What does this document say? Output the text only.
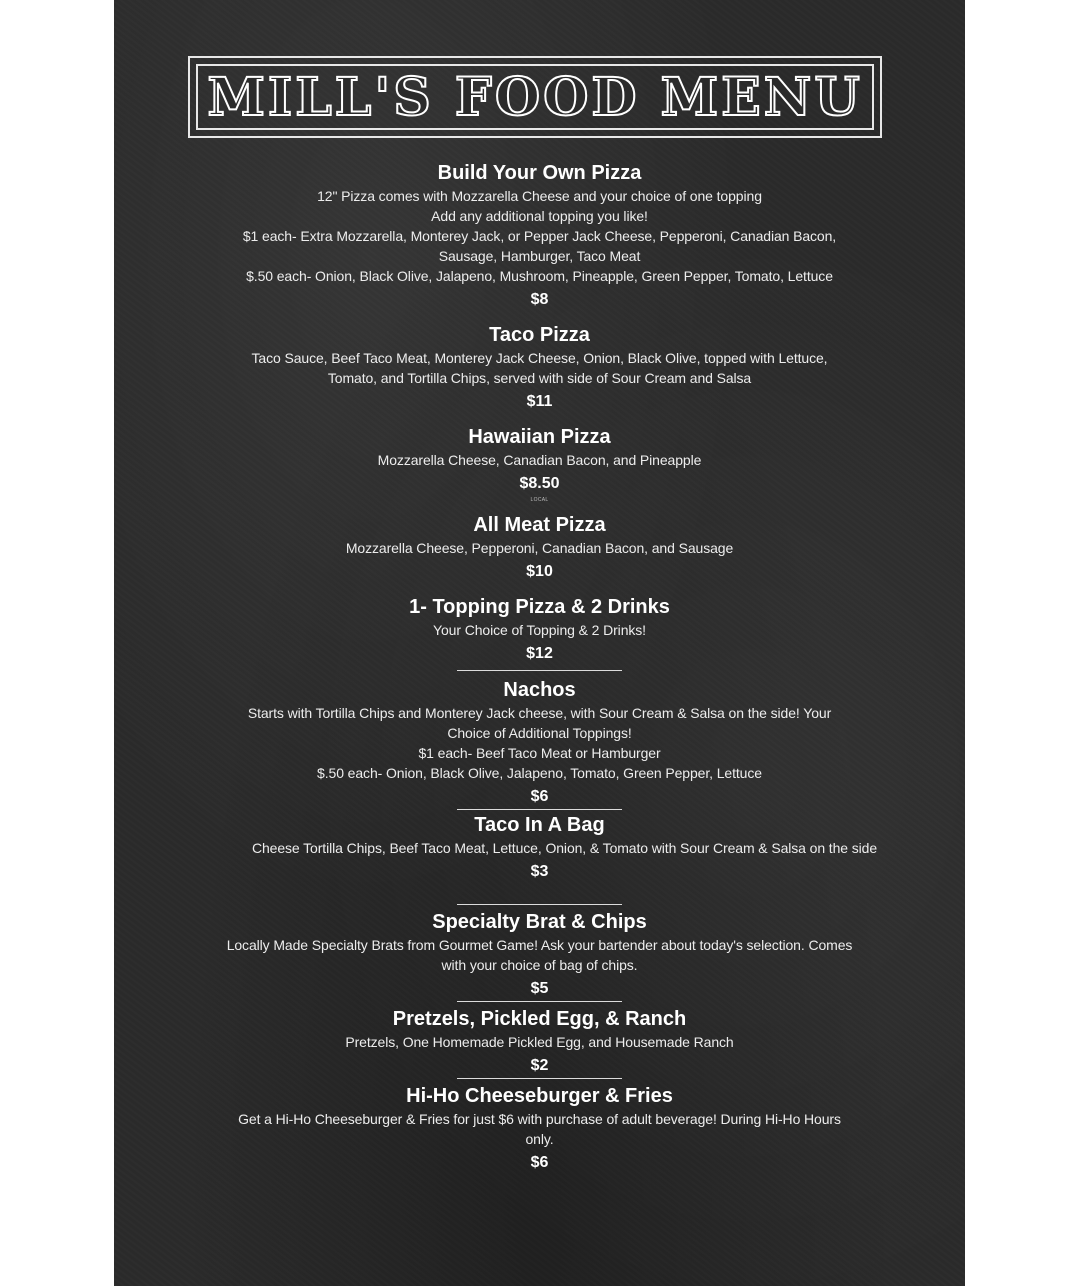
MILL'S FOOD MENU
Build Your Own Pizza
12" Pizza comes with Mozzarella Cheese and your choice of one topping
Add any additional topping you like!
$1 each- Extra Mozzarella, Monterey Jack, or Pepper Jack Cheese, Pepperoni, Canadian Bacon, Sausage, Hamburger, Taco Meat
$.50 each- Onion, Black Olive, Jalapeno, Mushroom, Pineapple, Green Pepper, Tomato, Lettuce
$8
Taco Pizza
Taco Sauce, Beef Taco Meat, Monterey Jack Cheese, Onion, Black Olive, topped with Lettuce, Tomato, and Tortilla Chips, served with side of Sour Cream and Salsa
$11
Hawaiian Pizza
Mozzarella Cheese, Canadian Bacon, and Pineapple
$8.50
LOCAL
All Meat Pizza
Mozzarella Cheese, Pepperoni, Canadian Bacon, and Sausage
$10
1- Topping Pizza & 2 Drinks
Your Choice of Topping & 2 Drinks!
$12
Nachos
Starts with Tortilla Chips and Monterey Jack cheese, with Sour Cream & Salsa on the side! Your Choice of Additional Toppings!
$1 each- Beef Taco Meat or Hamburger
$.50 each- Onion, Black Olive, Jalapeno, Tomato, Green Pepper, Lettuce
$6
Taco In A Bag
Cheese Tortilla Chips, Beef Taco Meat, Lettuce, Onion, & Tomato with Sour Cream & Salsa on the side
$3
Specialty Brat & Chips
Locally Made Specialty Brats from Gourmet Game! Ask your bartender about today's selection. Comes with your choice of bag of chips.
$5
Pretzels, Pickled Egg, & Ranch
Pretzels, One Homemade Pickled Egg, and Housemade Ranch
$2
Hi-Ho Cheeseburger & Fries
Get a Hi-Ho Cheeseburger & Fries for just $6 with purchase of adult beverage! During Hi-Ho Hours only.
$6
